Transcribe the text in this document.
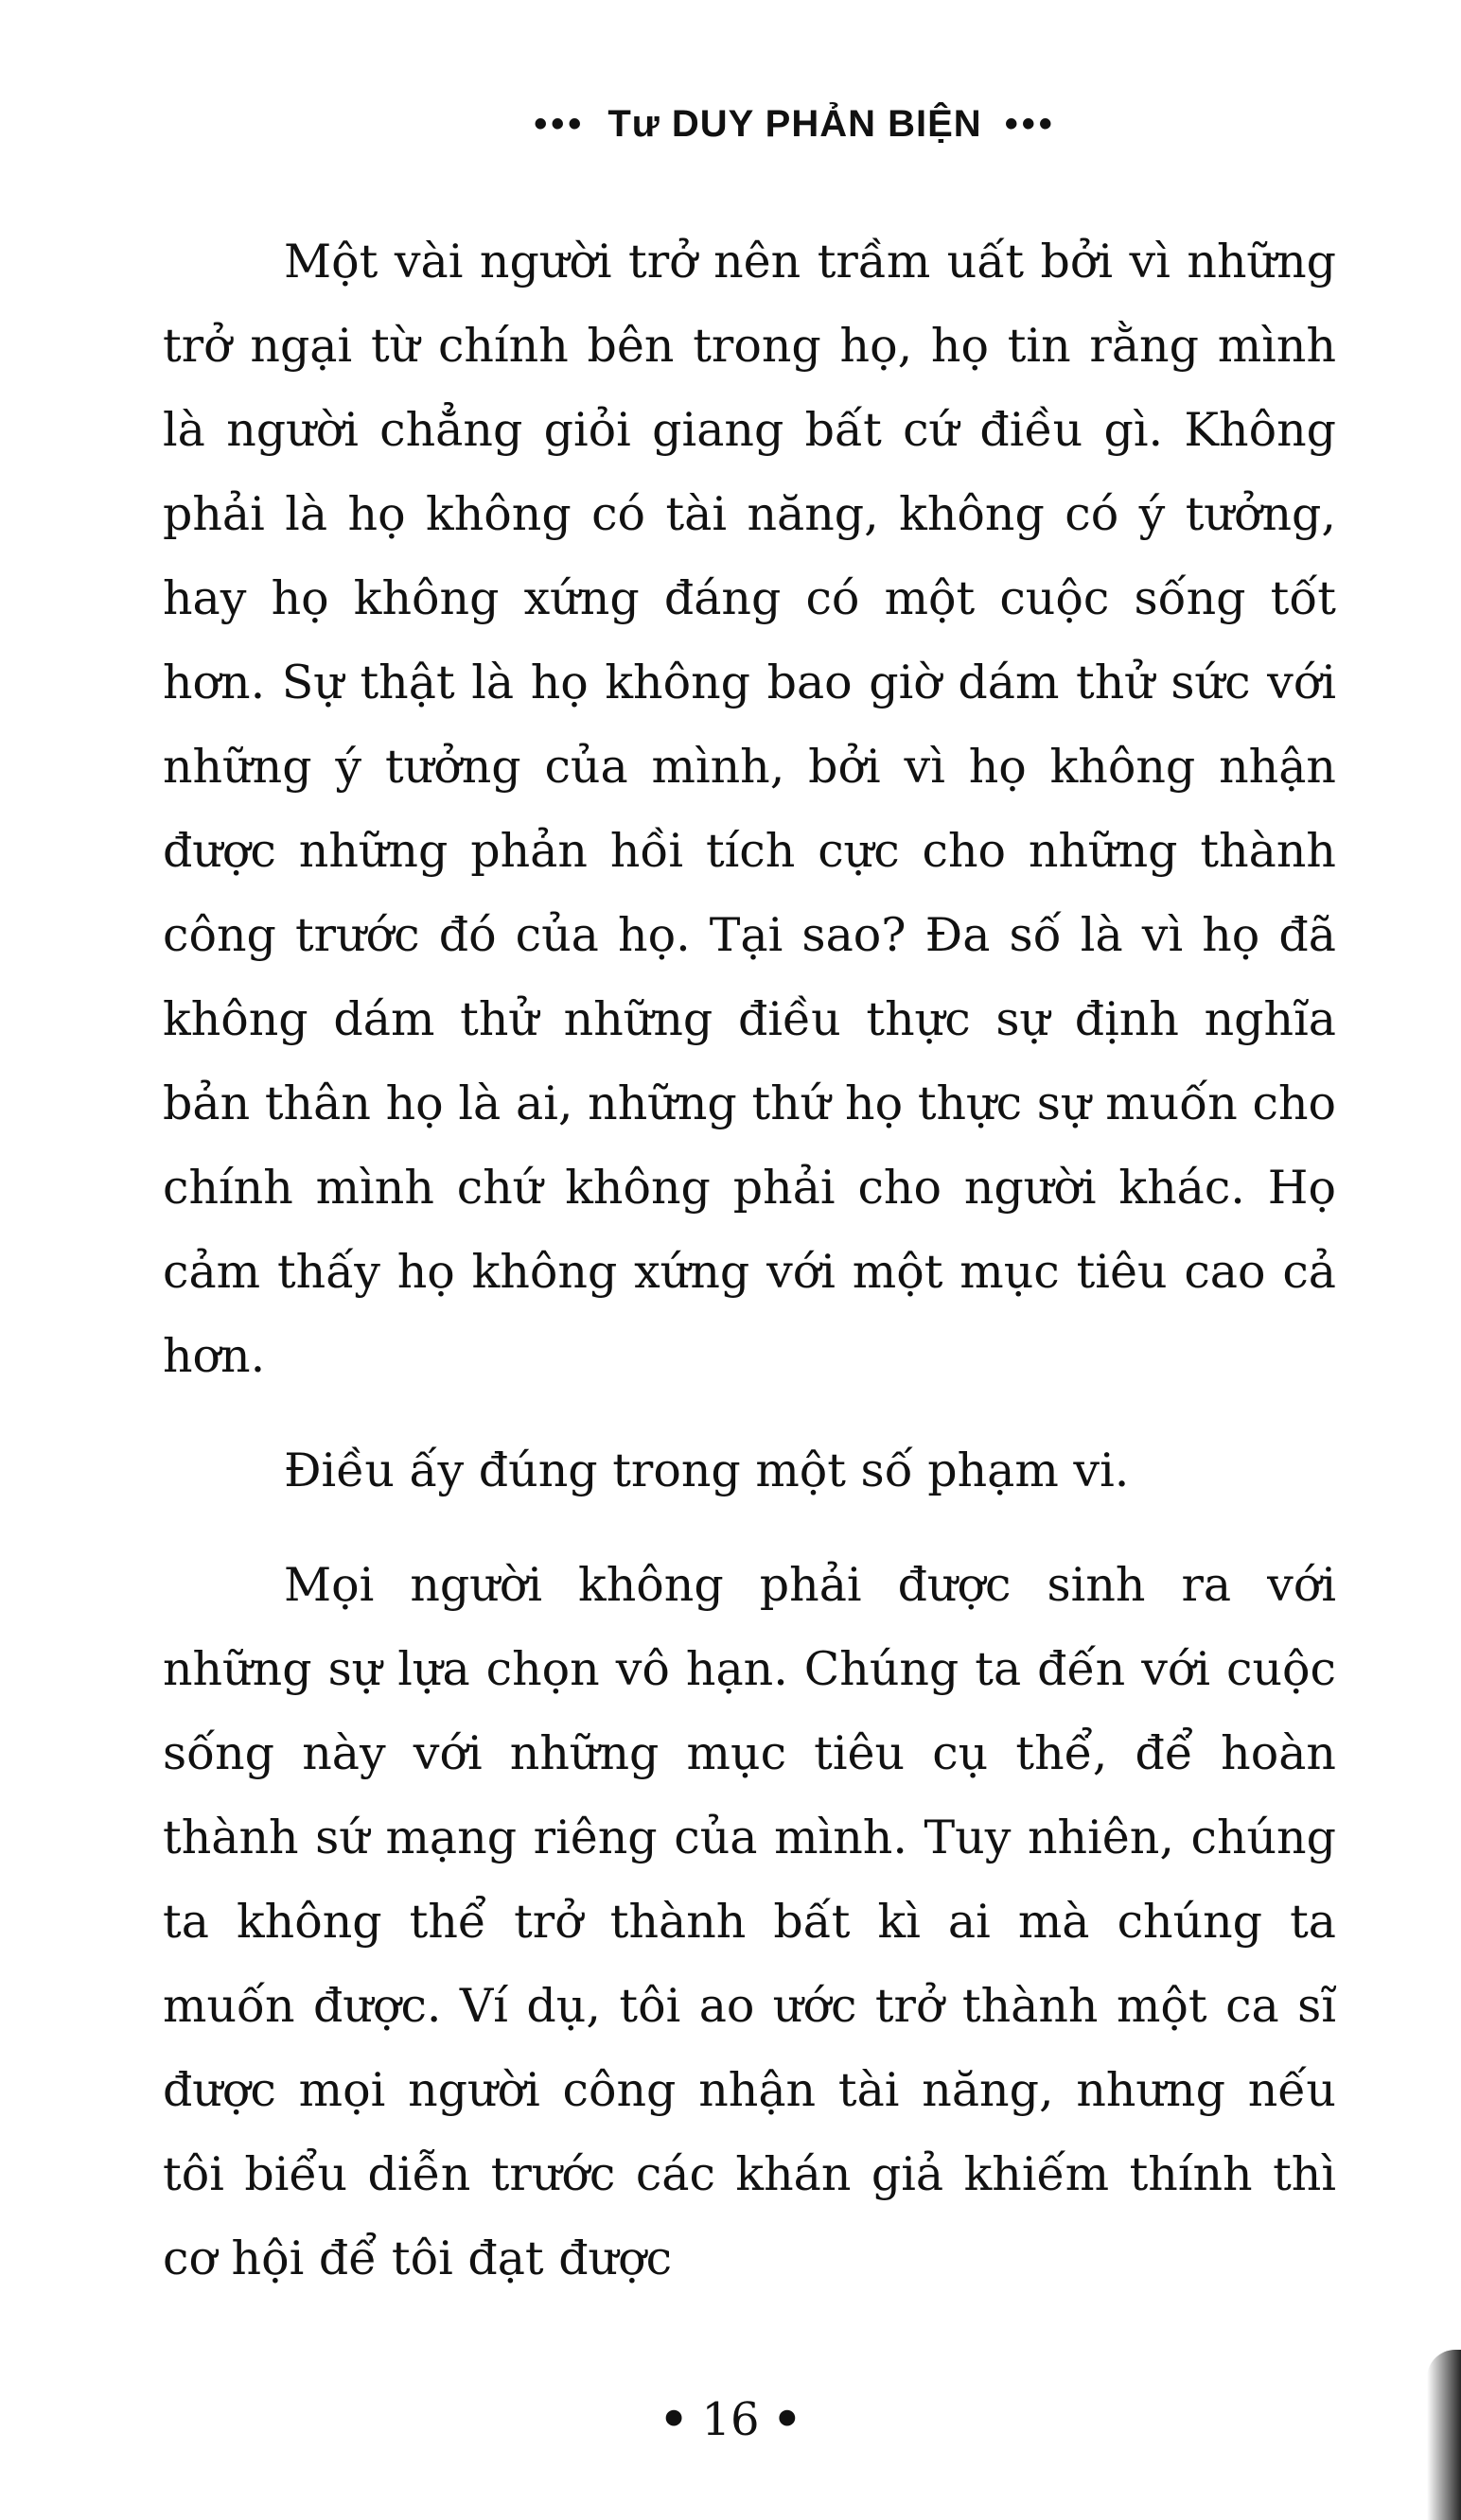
••• Tư DUY PHẢN BIỆN •••

Một vài người trở nên trầm uất bởi vì những trở ngại từ chính bên trong họ, họ tin rằng mình là người chẳng giỏi giang bất cứ điều gì. Không phải là họ không có tài năng, không có ý tưởng, hay họ không xứng đáng có một cuộc sống tốt hơn. Sự thật là họ không bao giờ dám thử sức với những ý tưởng của mình, bởi vì họ không nhận được những phản hồi tích cực cho những thành công trước đó của họ. Tại sao? Đa số là vì họ đã không dám thử những điều thực sự định nghĩa bản thân họ là ai, những thứ họ thực sự muốn cho chính mình chứ không phải cho người khác. Họ cảm thấy họ không xứng với một mục tiêu cao cả hơn.

Điều ấy đúng trong một số phạm vi.

Mọi người không phải được sinh ra với những sự lựa chọn vô hạn. Chúng ta đến với cuộc sống này với những mục tiêu cụ thể, để hoàn thành sứ mạng riêng của mình. Tuy nhiên, chúng ta không thể trở thành bất kì ai mà chúng ta muốn được. Ví dụ, tôi ao ước trở thành một ca sĩ được mọi người công nhận tài năng, nhưng nếu tôi biểu diễn trước các khán giả khiếm thính thì cơ hội để tôi đạt được

• 16 •
